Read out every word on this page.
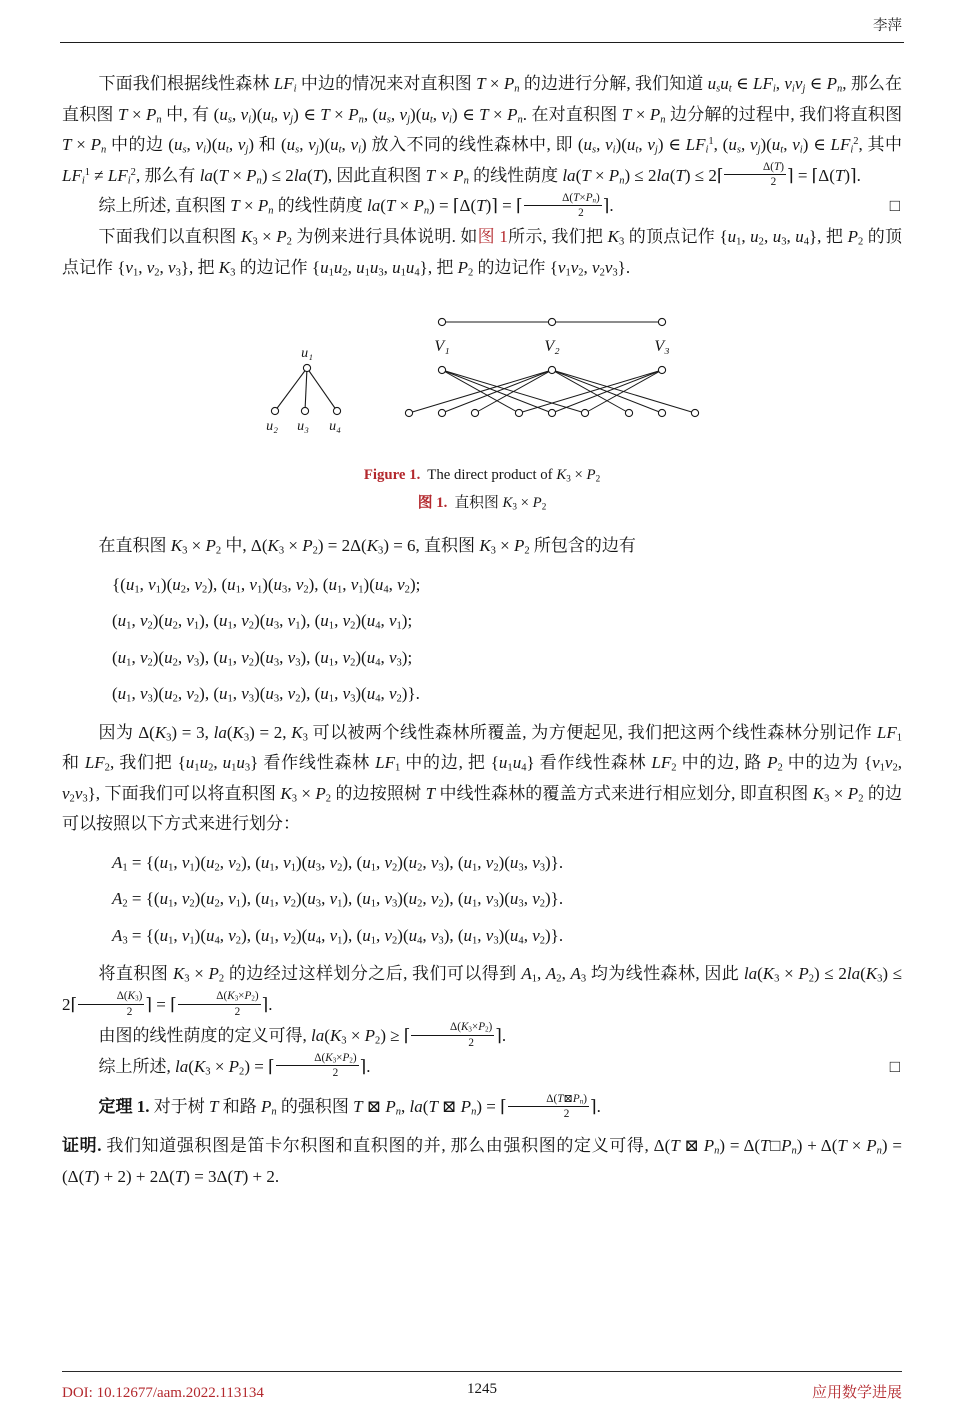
李萍

下面我们根据线性森林 $LF_i$ 中边的情况来对直积图 $T \times P_n$ 的边进行分解, 我们知道 $u_su_t$ ∈ $LF_i$, $v_iv_j$ ∈ $P_n$, 那么在直积图 $T \times P_n$ 中, 有 ($u_s$, $v_i)(u_t$, $v_j$) ∈ $T \times P_n$, ($u_s$, $v_j)(u_t$, $v_i$) ∈ $T \times P_n$. 在对直积图 $T \times P_n$ 边分解的过程中, 我们将直积图 $T \times P_n$ 中的边 ($u_s$, $v_i)(u_t$, $v_j$) 和 ($u_s$, $v_j)(u_t$, $v_i$) 放入不同的线性森林中, 即 ($u_s$, $v_i)(u_t$, $v_j$) ∈ $LF_i^1$, ($u_s$, $v_j)(u_t$, $v_i$) ∈ $LF_i^2$, 其中 $LF_i^1 \ne LF_i^2$, 那么有 $la(T \times P_n) \le 2la(T)$, 因此直积图 $T \times P_n$ 的线性荫度 $la(T \times P_n) \le 2la(T)$ ≤ 2⌈ $\frac{\Delta(T)}{2}$ ⌉ = ⌈Δ(T)⌉.

综上所述, 直积图 $T \times P_n$ 的线性荫度 $la(T \times P_n)$ = ⌈Δ(T)⌉ = ⌈ $\frac{\Delta(T\times P_n)}{2}$ ⌉.	□

下面我们以直积图 $K_3 \times P_2$ 为例来进行具体说明. 如图 1所示, 我们把 $K_3$ 的顶点记作 {$u_1$, $u_2$, $u_3$, $u_4$}, 把 $P_2$ 的顶点记作 {$v_1$, $v_2$, $v_3$}, 把 $K_3$ 的边记作 {$u_1u_2$, $u_1u_3$, $u_1u_4$}, 把 $P_2$ 的边记作 {$v_1v_2$, $v_2v_3$}.

u₁
u₂ u₃ u₄
V₁	V₂	V₃
Figure 1. The direct product of $K_3 \times P_2$
图 1. 直积图 $K_3 \times P_2$

在直积图 $K_3 \times P_2$ 中, $\Delta(K_3 \times P_2) = 2\Delta(K_3) = 6$, 直积图 $K_3 \times P_2$ 所包含的边有

{($u_1$, $v_1)(u_2$, $v_2$), ($u_1$, $v_1)(u_3$, $v_2$), ($u_1$, $v_1)(u_4$, $v_2$);

($u_1$, $v_2)(u_2$, $v_1$), ($u_1$, $v_2)(u_3$, $v_1$), ($u_1$, $v_2)(u_4$, $v_1$);

($u_1$, $v_2)(u_2$, $v_3$), ($u_1$, $v_2)(u_3$, $v_3$), ($u_1$, $v_2)(u_4$, $v_3$);

($u_1$, $v_3)(u_2$, $v_2$), ($u_1$, $v_3)(u_3$, $v_2$), ($u_1$, $v_3)(u_4$, $v_2$)}.

因为 $\Delta(K_3) = 3$, $la(K_3) = 2$, $K_3$ 可以被两个线性森林所覆盖, 为方便起见, 我们把这两个线性森林分别记作 $LF_1$ 和 $LF_2$, 我们把 {$u_1u_2$, $u_1u_3$} 看作线性森林 $LF_1$ 中的边, 把 $\{u_1u_4\}$ 看作线性森林 $LF_2$ 中的边, 路 $P_2$ 中的边为 {$v_1v_2$, $v_2v_3$}, 下面我们可以将直积图 $K_3 \times P_2$ 的边按照树 T 中线性森林的覆盖方式来进行相应划分, 即直积图 $K_3 \times P_2$ 的边可以按照以下方式来进行划分：

$A_1 = \{(u_1$, $v_1)(u_2$, $v_2$), ($u_1$, $v_1)(u_3$, $v_2$), ($u_1$, $v_2)(u_2$, $v_3$), ($u_1$, $v_2)(u_3$, $v_3$)}.

$A_2 = \{(u_1$, $v_2)(u_2$, $v_1$), ($u_1$, $v_2)(u_3$, $v_1$), ($u_1$, $v_3)(u_2$, $v_2$), ($u_1$, $v_3)(u_3$, $v_2$)}.

$A_3 = \{(u_1$, $v_1)(u_4$, $v_2$), ($u_1$, $v_2)(u_4$, $v_1$), ($u_1$, $v_2)(u_4$, $v_3$), ($u_1$, $v_3)(u_4$, $v_2$)}.

将直积图 $K_3 \times P_2$ 的边经过这样划分之后, 我们可以得到 $A_1$, $A_2$, $A_3$ 均为线性森林, 因此 $la(K_3 \times P_2) \le 2la(K_3)$ ≤ 2⌈ $\frac{\Delta(K_3)}{2}$ ⌉ = ⌈ $\frac{\Delta(K_3\times P_2)}{2}$ ⌉.

由图的线性荫度的定义可得, $la(K_3 \times P_2)$ ≥ ⌈ $\frac{\Delta(K_3\times P_2)}{2}$ ⌉.

综上所述, $la(K_3 \times P_2)$ = ⌈ $\frac{\Delta(K_3\times P_2)}{2}$ ⌉.	□

定理 1. 对于树 T 和路 $P_n$ 的强积图 T ⊠ $P_n$, la(T ⊠ $P_n$) = ⌈ $\frac{\Delta(T⊠P_n)}{2}$ ⌉.

证明. 我们知道强积图是笛卡尔积图和直积图的并, 那么由强积图的定义可得, Δ(T ⊠ $P_n$) = $\Delta(T□P_n) + \Delta(T \times P_n) = (\Delta(T) + 2) + 2\Delta(T) = 3\Delta(T) + 2$.

DOI: 10.12677/aam.2022.113134	1245	应用数学进展
